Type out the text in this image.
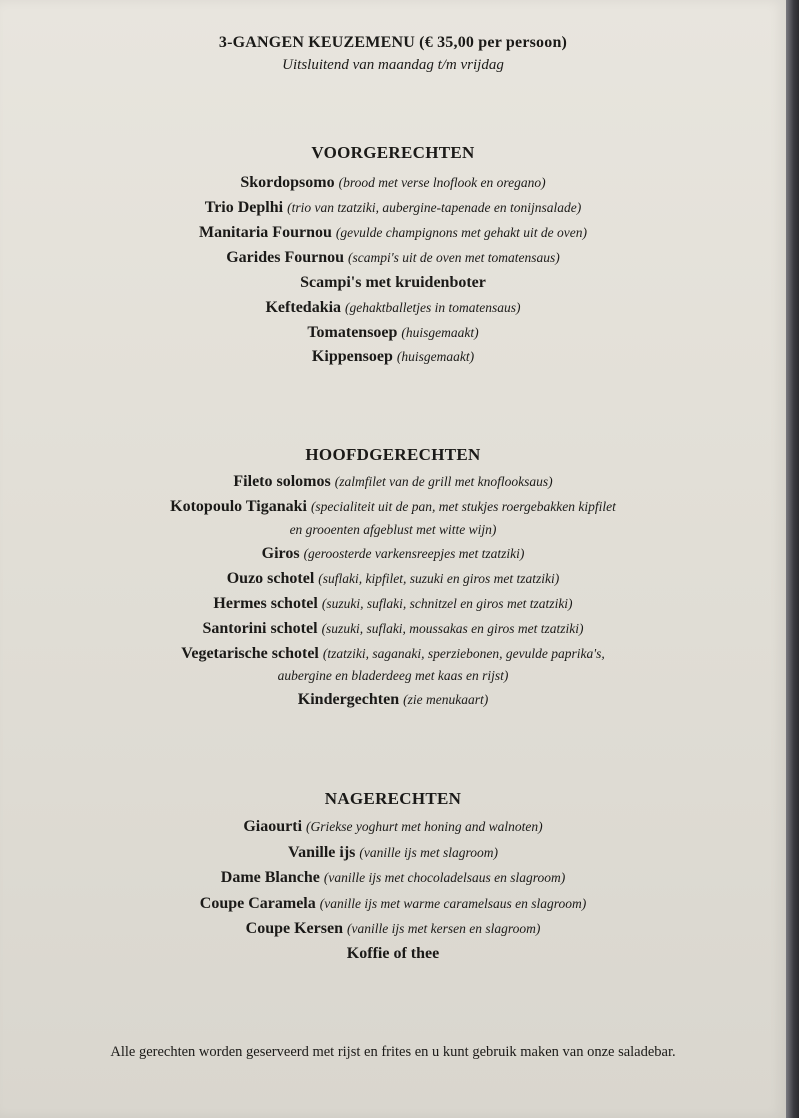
3-GANGEN KEUZEMENU (€ 35,00 per persoon)
Uitsluitend van maandag t/m vrijdag
VOORGERECHTEN
Skordopsomo (brood met verse lnoflook en oregano)
Trio Deplhi (trio van tzatziki, aubergine-tapenade en tonijnsalade)
Manitaria Fournou (gevulde champignons met gehakt uit de oven)
Garides Fournou (scampi's uit de oven met tomatensaus)
Scampi's met kruidenboter
Keftedakia (gehaktballetjes in tomatensaus)
Tomatensoep (huisgemaakt)
Kippensoep (huisgemaakt)
HOOFDGERECHTEN
Fileto solomos (zalmfilet van de grill met knoflooksaus)
Kotopoulo Tiganaki (specialiteit uit de pan, met stukjes roergebakken kipfilet
en grooenten afgeblust met witte wijn)
Giros (geroosterde varkensreepjes met tzatziki)
Ouzo schotel (suflaki, kipfilet, suzuki en giros met tzatziki)
Hermes schotel (suzuki, suflaki, schnitzel en giros met tzatziki)
Santorini schotel (suzuki, suflaki, moussakas en giros met tzatziki)
Vegetarische schotel (tzatziki, saganaki, sperziebonen, gevulde paprika's,
aubergine en bladerdeeg met kaas en rijst)
Kindergechten (zie menukaart)
NAGERECHTEN
Giaourti (Griekse yoghurt met honing and walnoten)
Vanille ijs (vanille ijs met slagroom)
Dame Blanche (vanille ijs met chocoladelsaus en slagroom)
Coupe Caramela (vanille ijs met warme caramelsaus en slagroom)
Coupe Kersen (vanille ijs met kersen en slagroom)
Koffie of thee
Alle gerechten worden geserveerd met rijst en frites en u kunt gebruik maken van onze saladebar.
